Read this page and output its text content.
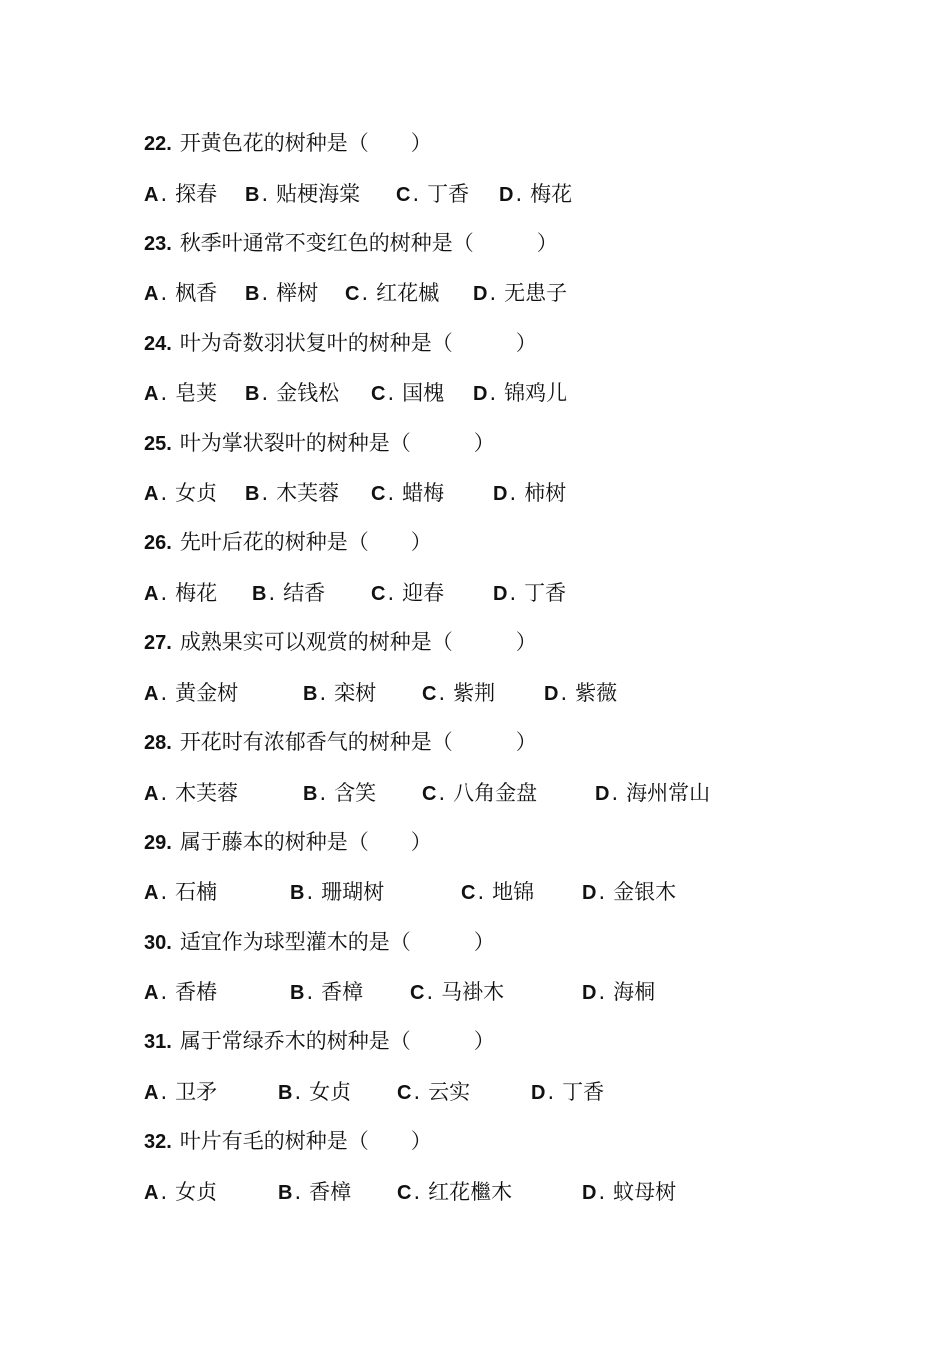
22. 开黄色花的树种是（　　）
A. 探春 B. 贴梗海棠 C. 丁香 D. 梅花
23. 秋季叶通常不变红色的树种是（　　　）
A. 枫香 B. 榉树 C. 红花槭 D. 无患子
24. 叶为奇数羽状复叶的树种是（　　　）
A. 皂荚 B. 金钱松 C. 国槐 D. 锦鸡儿
25. 叶为掌状裂叶的树种是（　　　）
A. 女贞 B. 木芙蓉 C. 蜡梅 D. 柿树
26. 先叶后花的树种是（　　）
A. 梅花 B. 结香 C. 迎春 D. 丁香
27. 成熟果实可以观赏的树种是（　　　）
A. 黄金树	B. 栾树 C. 紫荆 D. 紫薇
28. 开花时有浓郁香气的树种是（　　　）
A. 木芙蓉	B. 含笑 C. 八角金盘	D. 海州常山
29. 属于藤本的树种是（　　）
A. 石楠	B. 珊瑚树	C. 地锦 D. 金银木
30. 适宜作为球型灌木的是（　　　）
A. 香椿	B. 香樟 C. 马褂木	D. 海桐
31. 属于常绿乔木的树种是（　　　）
A. 卫矛	B. 女贞 C. 云实	D. 丁香
32. 叶片有毛的树种是（　　）
A. 女贞	B. 香樟 C. 红花檵木	D. 蚊母树
